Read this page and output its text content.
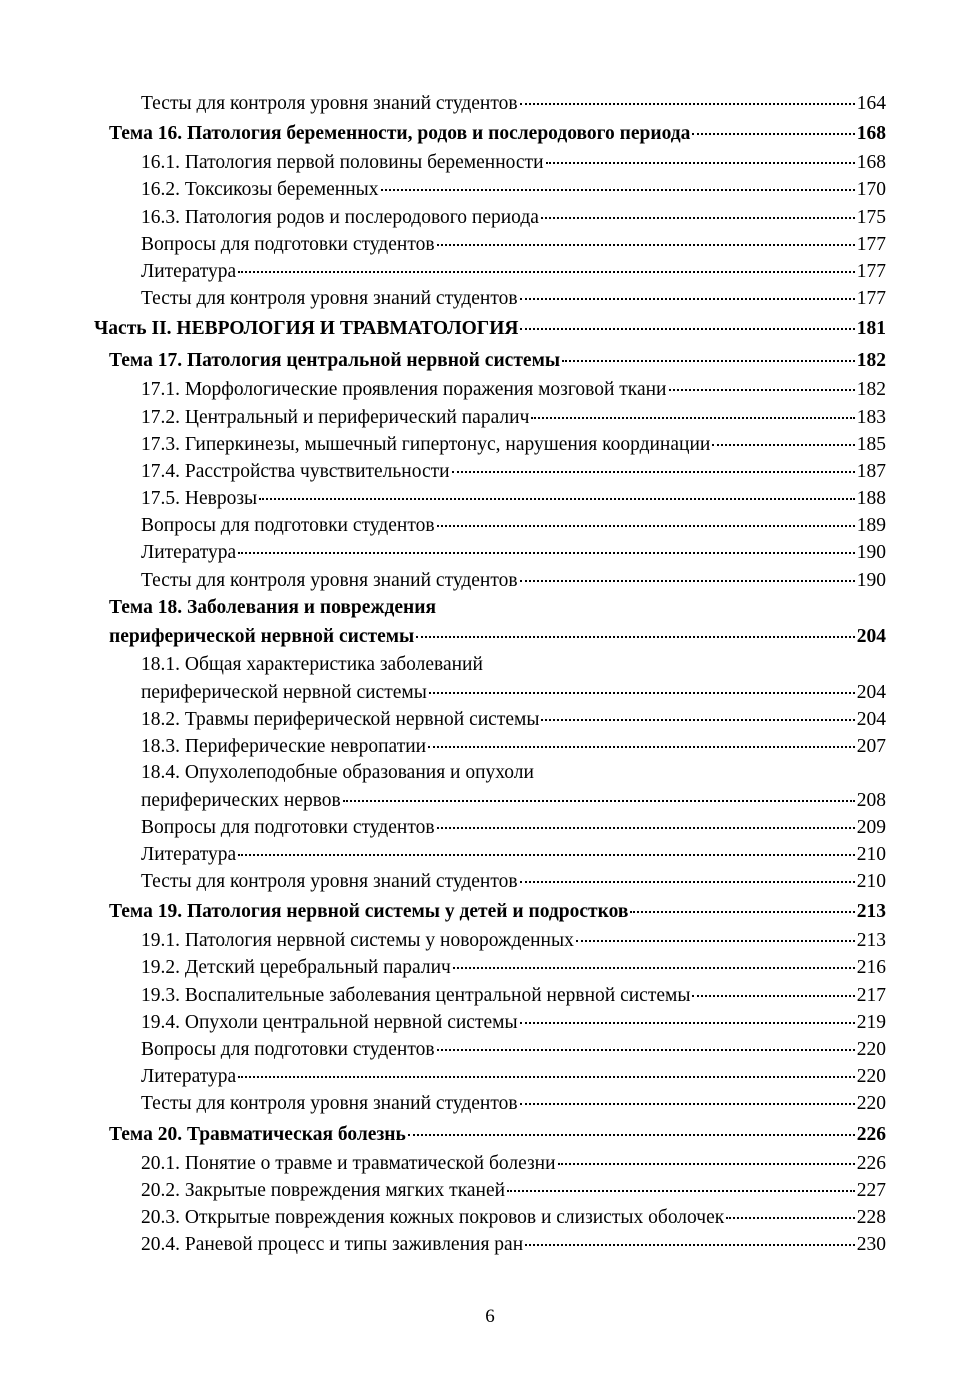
Тесты для контроля уровня знаний студентов	164
Тема 16. Патология беременности, родов и послеродового периода	168
16.1. Патология первой половины беременности	168
16.2. Токсикозы беременных	170
16.3. Патология родов и послеродового периода	175
Вопросы для подготовки студентов	177
Литература	177
Тесты для контроля уровня знаний студентов	177
Часть II. НЕВРОЛОГИЯ И ТРАВМАТОЛОГИЯ	181
Тема 17. Патология центральной нервной системы	182
17.1. Морфологические проявления поражения мозговой ткани	182
17.2. Центральный и периферический паралич	183
17.3. Гиперкинезы, мышечный гипертонус, нарушения координации	185
17.4. Расстройства чувствительности	187
17.5. Неврозы	188
Вопросы для подготовки студентов	189
Литература	190
Тесты для контроля уровня знаний студентов	190
Тема 18. Заболевания и повреждения
периферической нервной системы	204
18.1. Общая характеристика заболеваний
периферической нервной системы	204
18.2. Травмы периферической нервной системы	204
18.3. Периферические невропатии	207
18.4. Опухолеподобные образования и опухоли
периферических нервов	208
Вопросы для подготовки студентов	209
Литература	210
Тесты для контроля уровня знаний студентов	210
Тема 19. Патология нервной системы у детей и подростков	213
19.1. Патология нервной системы у новорожденных	213
19.2. Детский церебральный паралич	216
19.3. Воспалительные заболевания центральной нервной системы	217
19.4. Опухоли центральной нервной системы	219
Вопросы для подготовки студентов	220
Литература	220
Тесты для контроля уровня знаний студентов	220
Тема 20. Травматическая болезнь	226
20.1. Понятие о травме и травматической болезни	226
20.2. Закрытые повреждения мягких тканей	227
20.3. Открытые повреждения кожных покровов и слизистых оболочек	228
20.4. Раневой процесс и типы заживления ран	230
6
